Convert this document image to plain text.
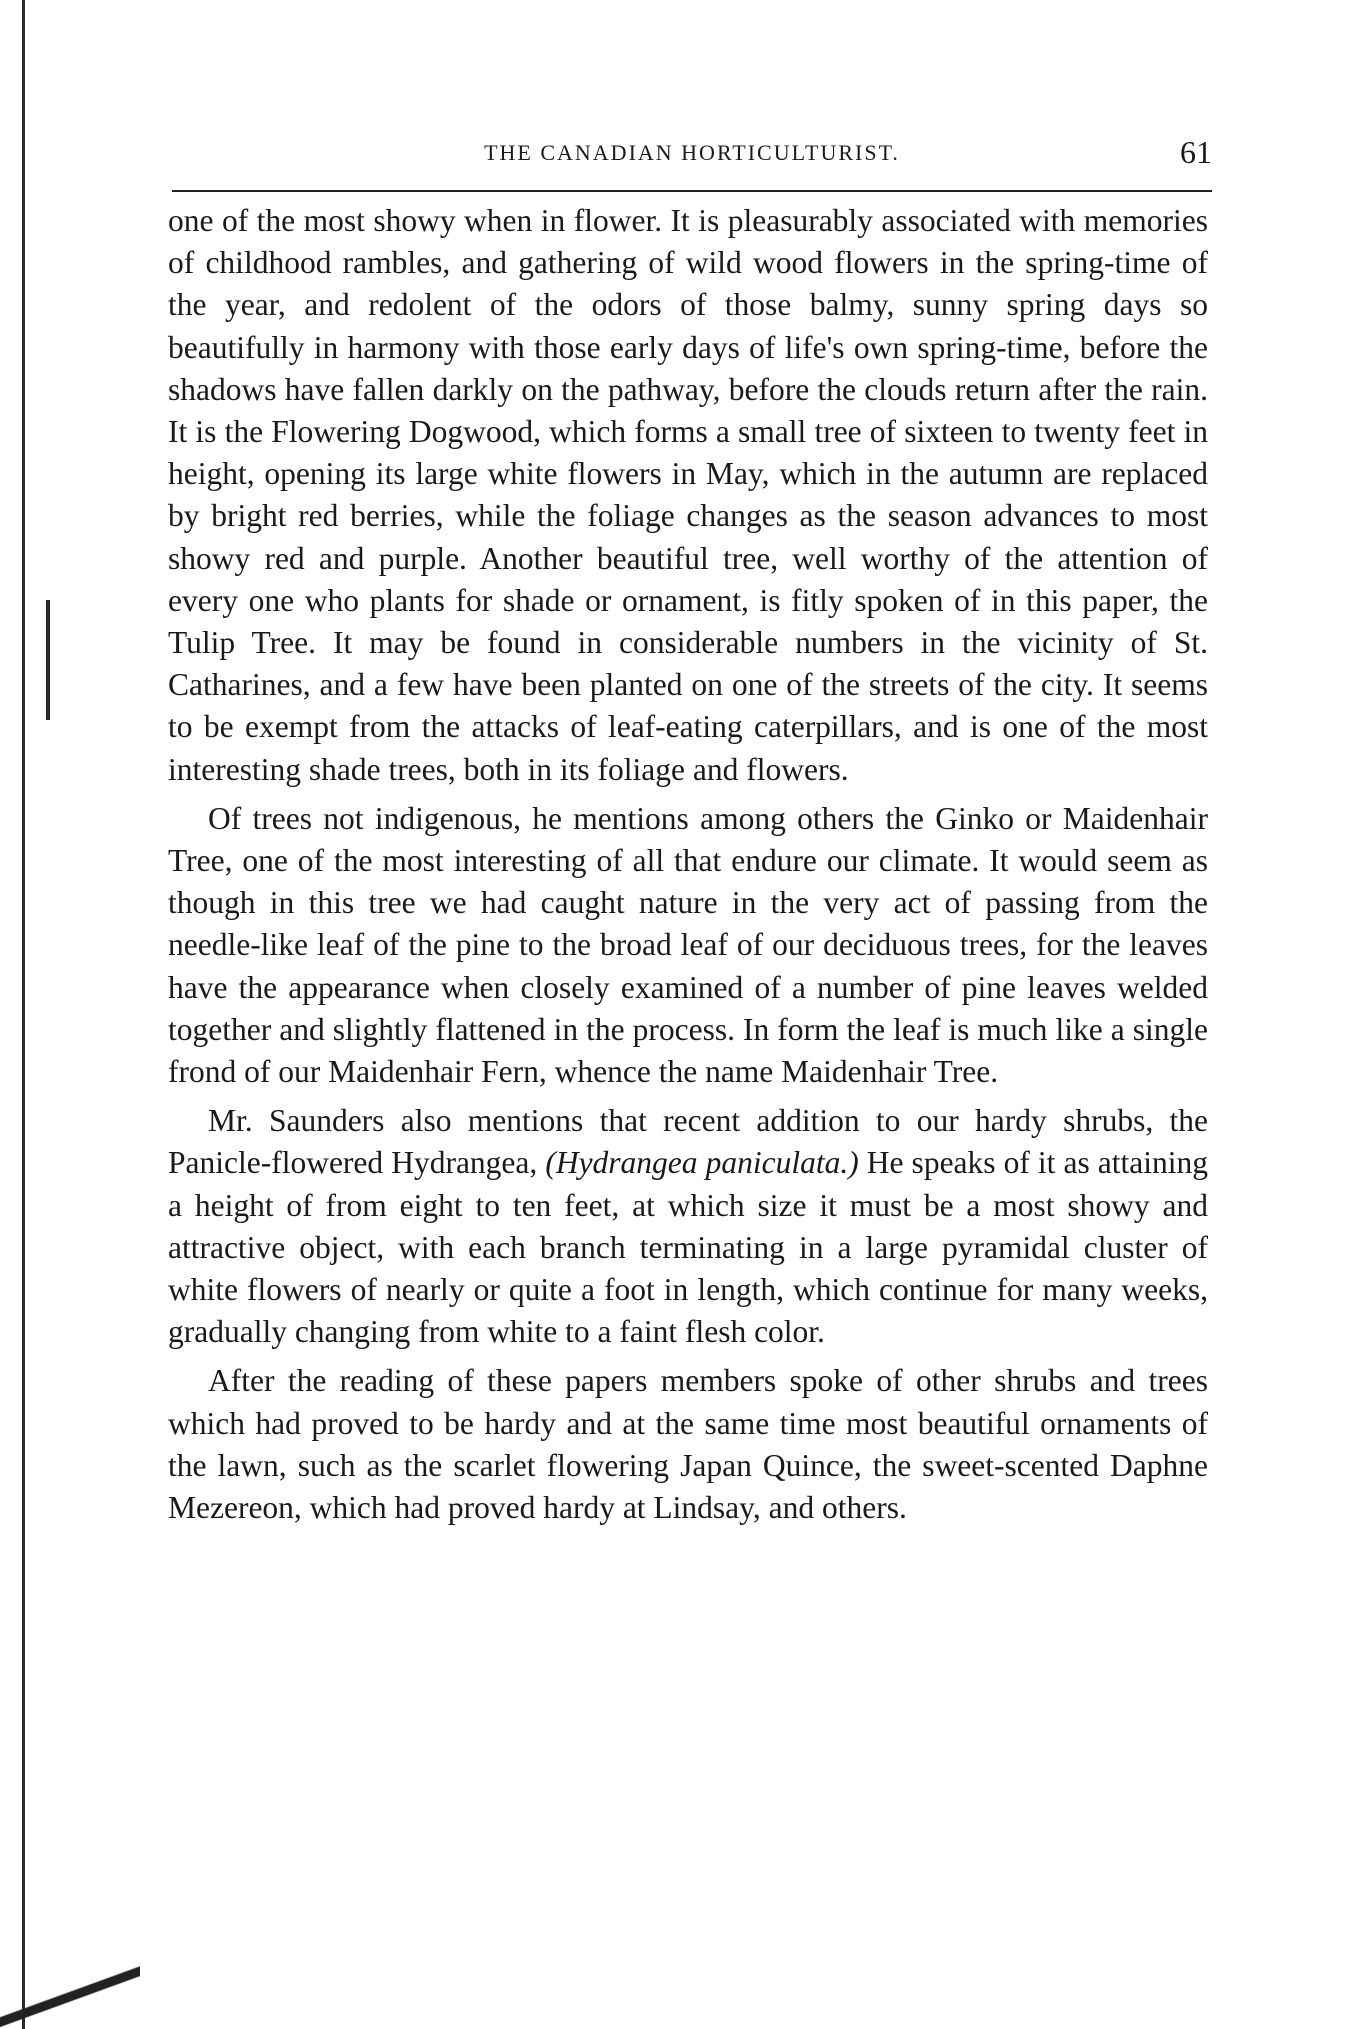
THE CANADIAN HORTICULTURIST.	61

one of the most showy when in flower. It is pleasurably associated with memories of childhood rambles, and gathering of wild wood flowers in the spring-time of the year, and redolent of the odors of those balmy, sunny spring days so beautifully in harmony with those early days of life's own spring-time, before the shadows have fallen darkly on the pathway, before the clouds return after the rain. It is the Flowering Dogwood, which forms a small tree of sixteen to twenty feet in height, opening its large white flowers in May, which in the autumn are replaced by bright red berries, while the foliage changes as the season advances to most showy red and purple. Another beautiful tree, well worthy of the attention of every one who plants for shade or ornament, is fitly spoken of in this paper, the Tulip Tree. It may be found in considerable numbers in the vicinity of St. Catharines, and a few have been planted on one of the streets of the city. It seems to be exempt from the attacks of leaf-eating caterpillars, and is one of the most interesting shade trees, both in its foliage and flowers.

Of trees not indigenous, he mentions among others the Ginko or Maidenhair Tree, one of the most interesting of all that endure our climate. It would seem as though in this tree we had caught nature in the very act of passing from the needle-like leaf of the pine to the broad leaf of our deciduous trees, for the leaves have the appearance when closely examined of a number of pine leaves welded together and slightly flattened in the process. In form the leaf is much like a single frond of our Maidenhair Fern, whence the name Maidenhair Tree.

Mr. Saunders also mentions that recent addition to our hardy shrubs, the Panicle-flowered Hydrangea, (Hydrangea paniculata.) He speaks of it as attaining a height of from eight to ten feet, at which size it must be a most showy and attractive object, with each branch terminating in a large pyramidal cluster of white flowers of nearly or quite a foot in length, which continue for many weeks, gradually changing from white to a faint flesh color.

After the reading of these papers members spoke of other shrubs and trees which had proved to be hardy and at the same time most beautiful ornaments of the lawn, such as the scarlet flowering Japan Quince, the sweet-scented Daphne Mezereon, which had proved hardy at Lindsay, and others.
